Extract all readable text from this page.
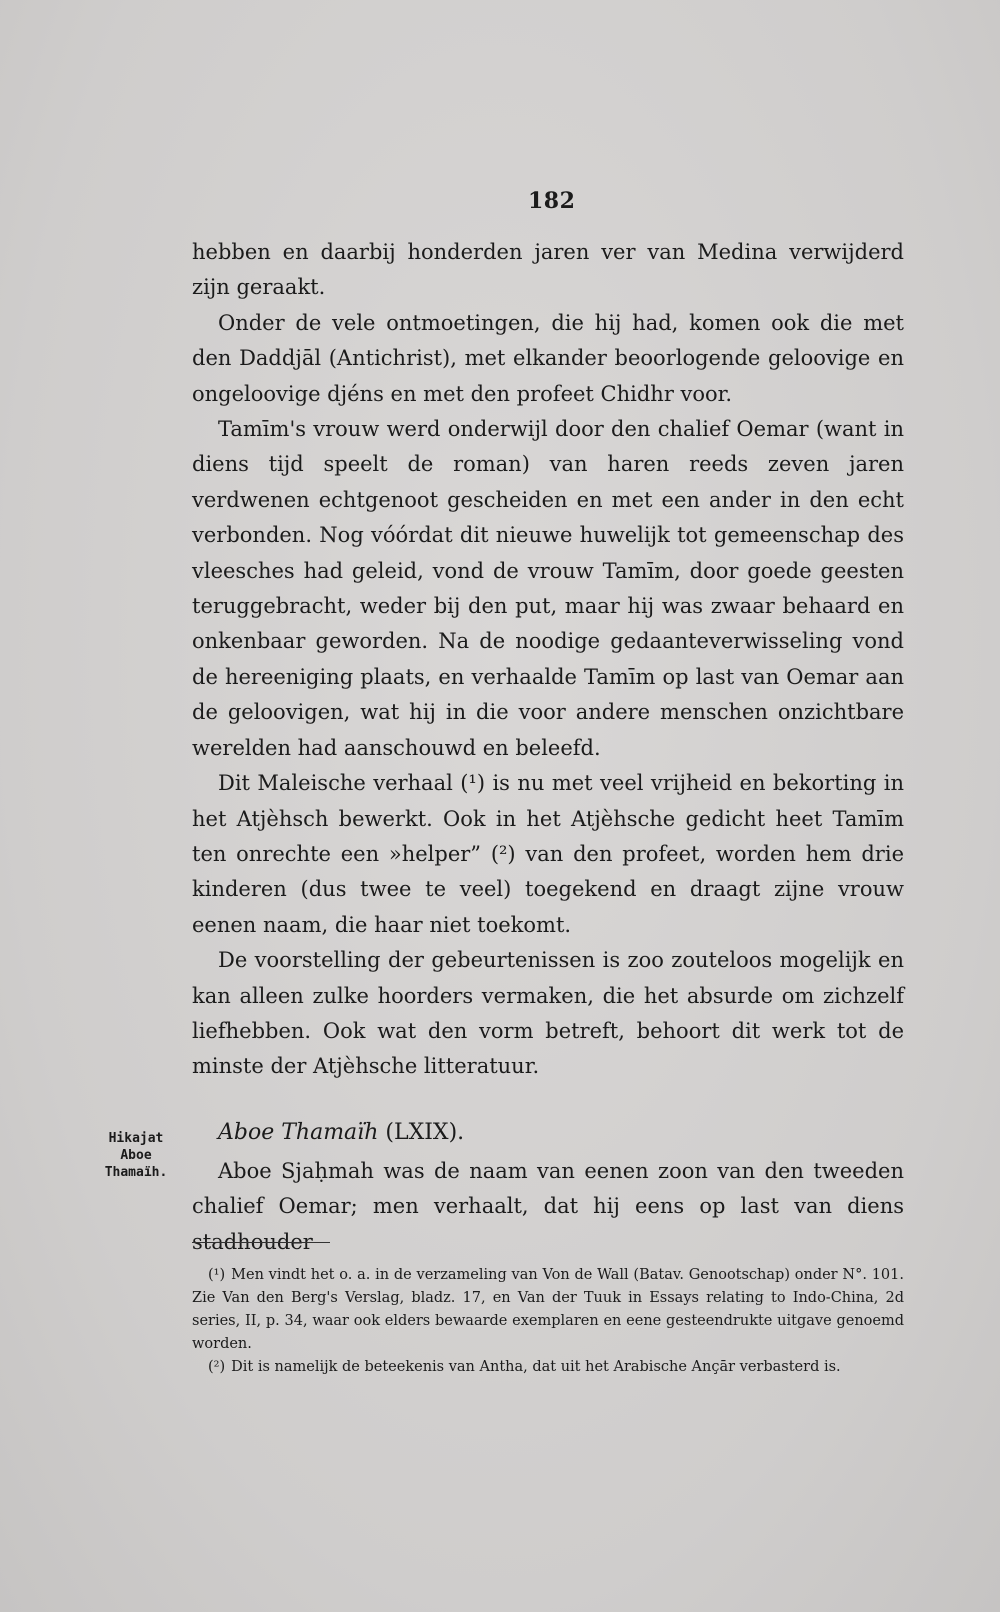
182

hebben en daarbij honderden jaren ver van Medina verwijderd zijn geraakt.

Onder de vele ontmoetingen, die hij had, komen ook die met den Daddjāl (Antichrist), met elkander beoorlogende geloovige en ongeloovige djéns en met den profeet Chidhr voor.

Tamīm's vrouw werd onderwijl door den chalief Oemar (want in diens tijd speelt de roman) van haren reeds zeven jaren verdwenen echtgenoot gescheiden en met een ander in den echt verbonden. Nog vóórdat dit nieuwe huwelijk tot gemeenschap des vleesches had geleid, vond de vrouw Tamīm, door goede geesten teruggebracht, weder bij den put, maar hij was zwaar behaard en onkenbaar geworden. Na de noodige gedaanteverwisseling vond de hereeniging plaats, en verhaalde Tamīm op last van Oemar aan de geloovigen, wat hij in die voor andere menschen onzichtbare werelden had aanschouwd en beleefd.

Dit Maleische verhaal (¹) is nu met veel vrijheid en bekorting in het Atjèhsch bewerkt. Ook in het Atjèhsche gedicht heet Tamīm ten onrechte een »helper” (²) van den profeet, worden hem drie kinderen (dus twee te veel) toegekend en draagt zijne vrouw eenen naam, die haar niet toekomt.

De voorstelling der gebeurtenissen is zoo zouteloos mogelijk en kan alleen zulke hoorders vermaken, die het absurde om zichzelf liefhebben. Ook wat den vorm betreft, behoort dit werk tot de minste der Atjèhsche litteratuur.

Hikajat
Aboe
Thamaïh.
Aboe Thamaïh (LXIX).

Aboe Sjaḥmah was de naam van eenen zoon van den tweeden chalief Oemar; men verhaalt, dat hij eens op last van diens stadhouder

(¹) Men vindt het o. a. in de verzameling van Von de Wall (Batav. Genootschap) onder N°. 101. Zie Van den Berg's Verslag, bladz. 17, en Van der Tuuk in Essays relating to Indo-China, 2d series, II, p. 34, waar ook elders bewaarde exemplaren en eene gesteendrukte uitgave genoemd worden.

(²) Dit is namelijk de beteekenis van Antha, dat uit het Arabische Ançār verbasterd is.
